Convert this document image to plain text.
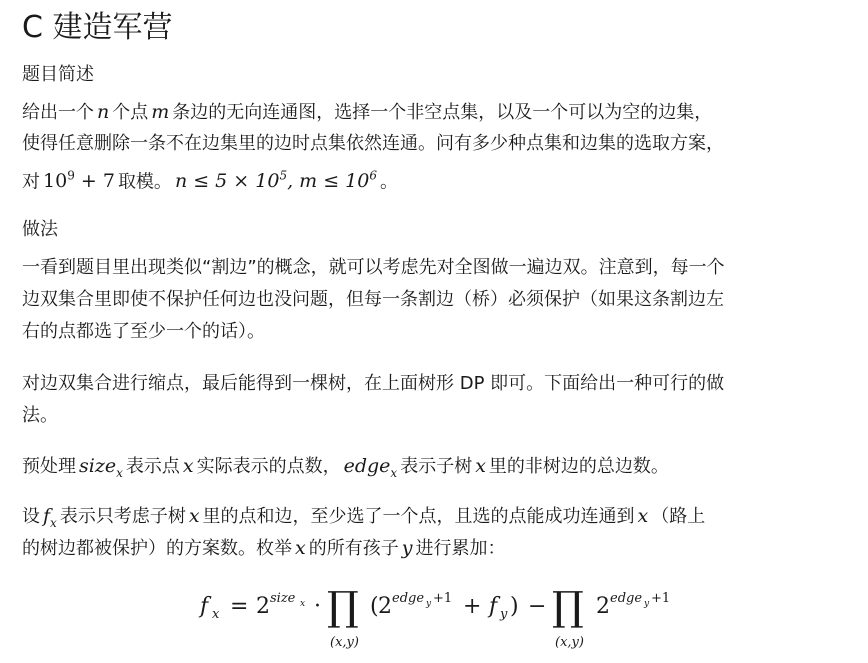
C 建造军营
题目简述
给出一个 n 个点 m 条边的无向连通图，选择一个非空点集，以及一个可以为空的边集，
使得任意删除一条不在边集里的边时点集依然连通。问有多少种点集和边集的选取方案，
对 $10^9 + 7$ 取模。 $n \le 5 \times 10^5$, $m \le 10^6$ 。
做法
一看到题目里出现类似“割边”的概念，就可以考虑先对全图做一遍边双。注意到，每一个
边双集合里即使不保护任何边也没问题，但每一条割边（桥）必须保护（如果这条割边左
右的点都选了至少一个的话）。
对边双集合进行缩点，最后能得到一棵树，在上面树形 DP 即可。下面给出一种可行的做
法。
预处理 size$_x$ 表示点 x 实际表示的点数， edge$_x$ 表示子树 x 里的非树边的总边数。
设 $f_x$ 表示只考虑子树 x 里的点和边，至少选了一个点，且选的点能成功连通到 x （路上
的树边都被保护）的方案数。枚举 x 的所有孩子 y 进行累加：
f x = 2 size x · ∏
(x,y)
( 2 edge y +1 + f y ) − ∏
(x,y)
2 edge y +1
